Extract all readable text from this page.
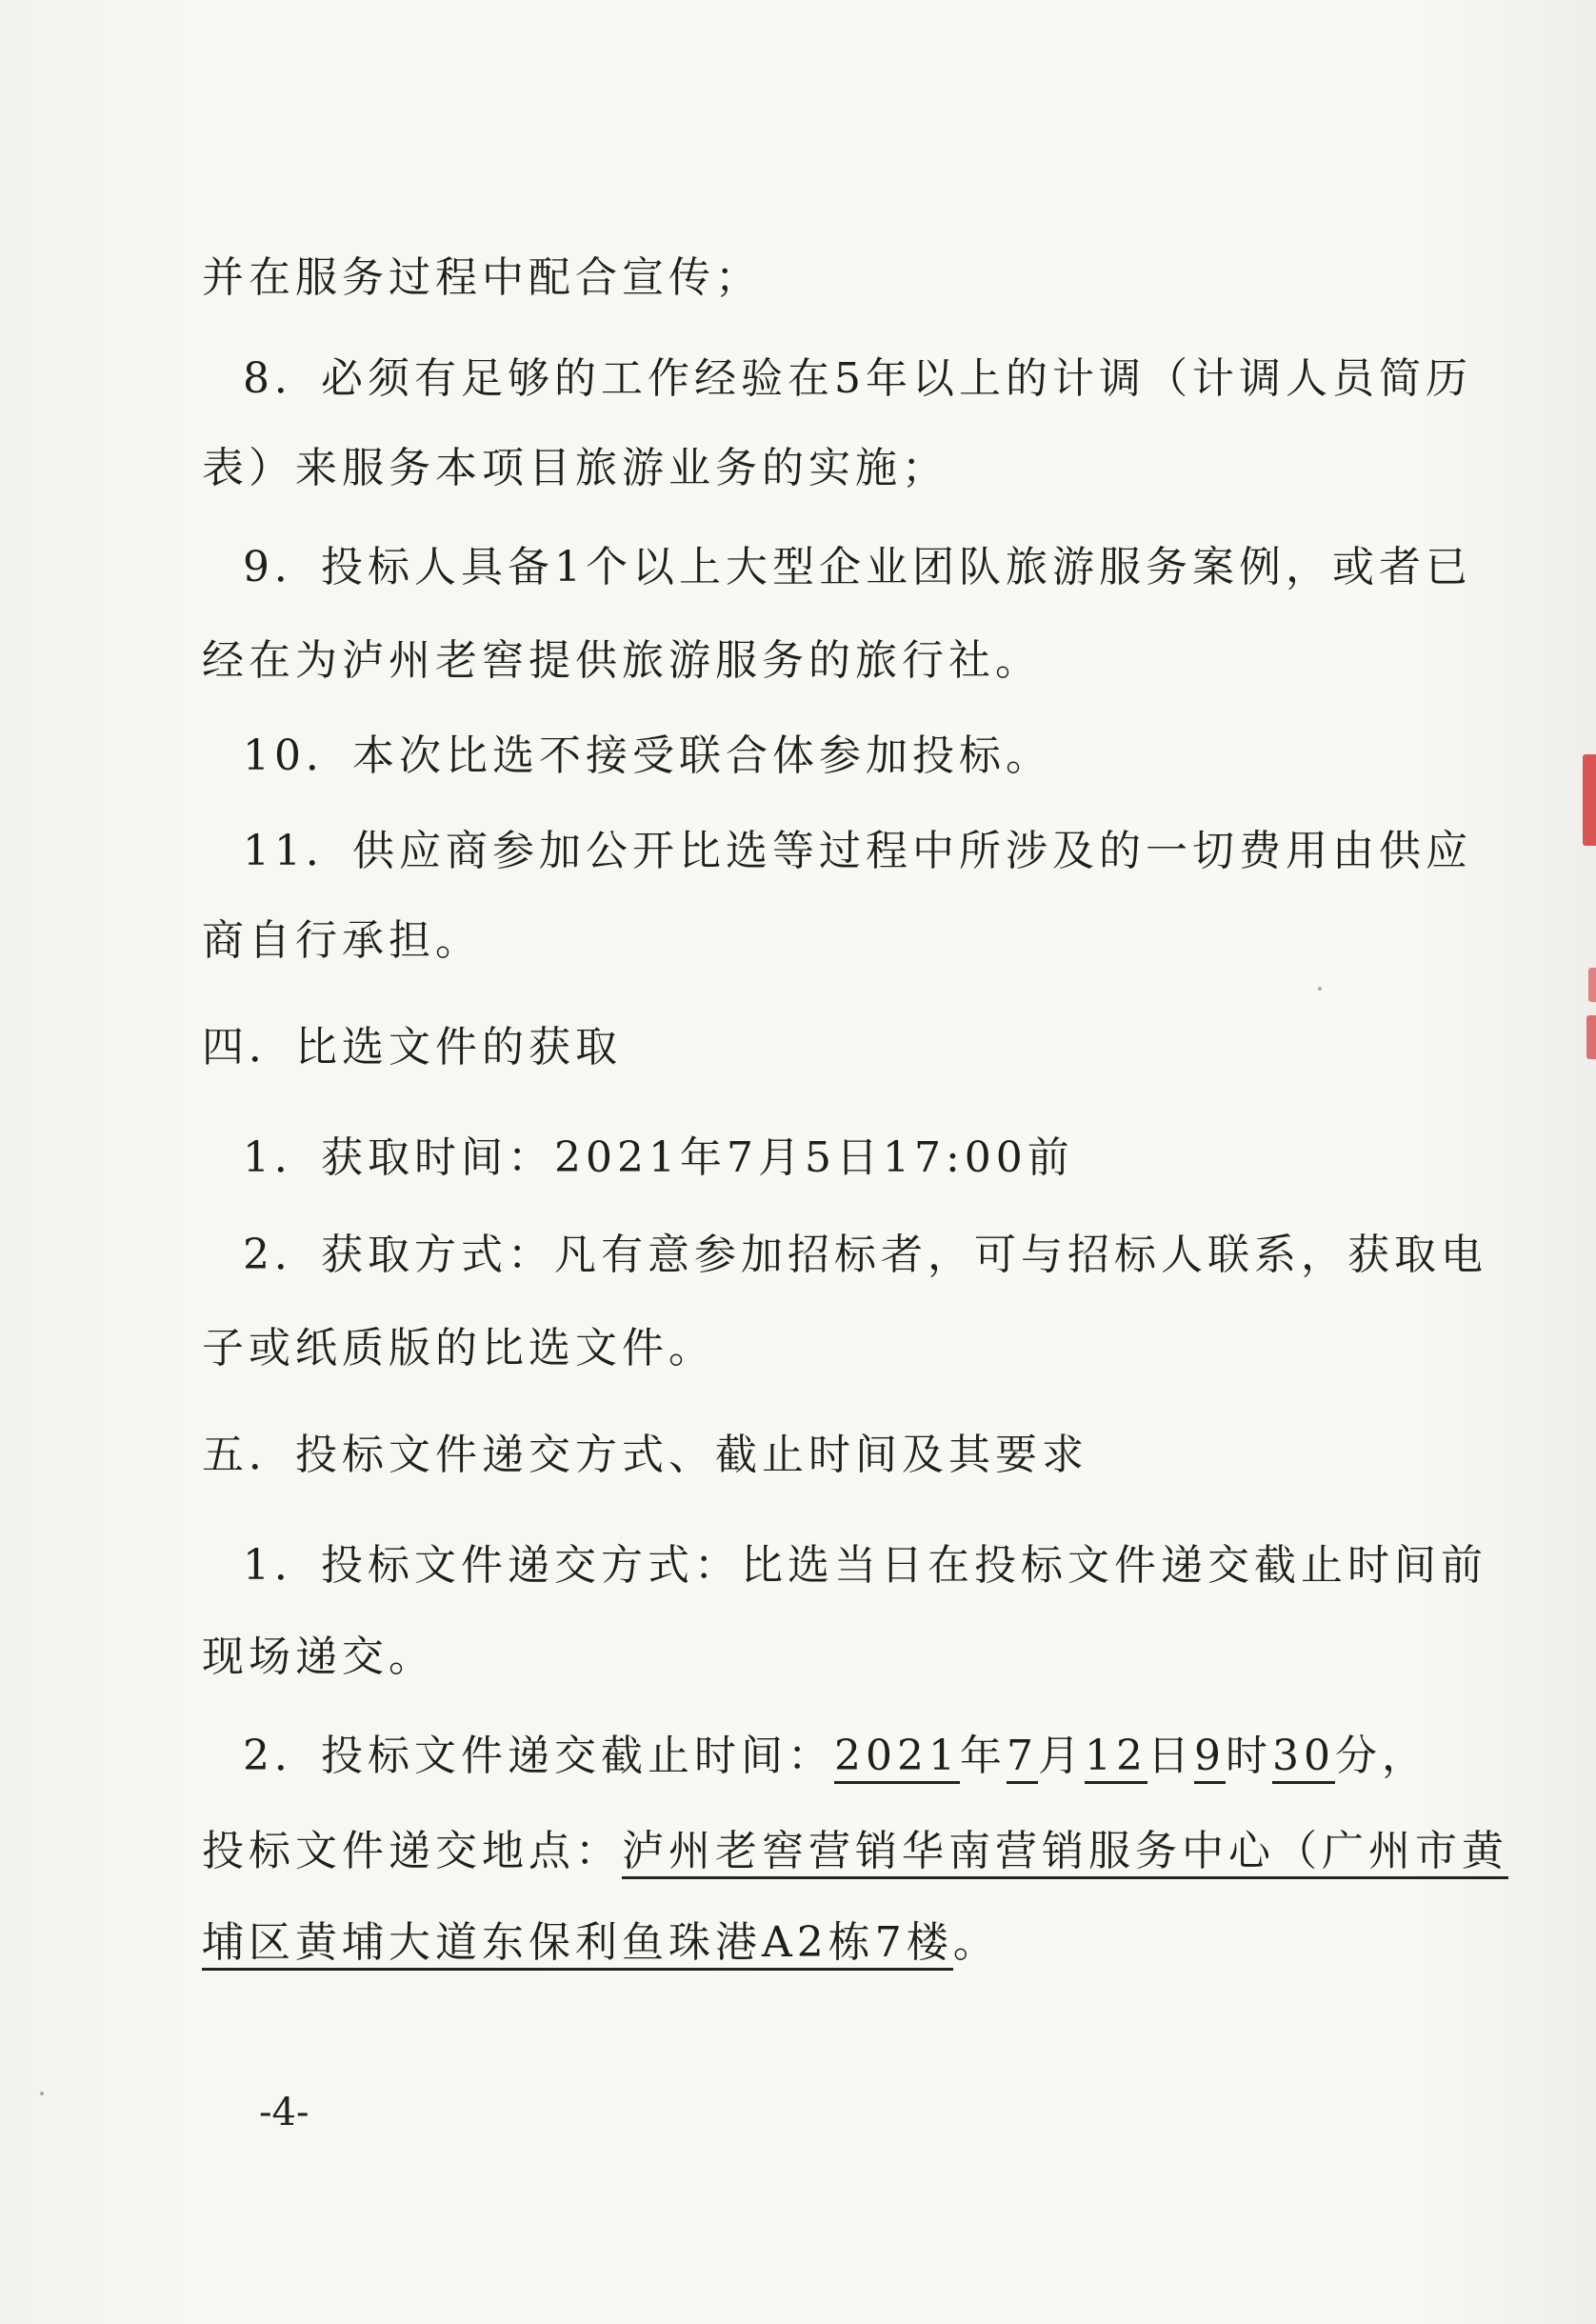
并在服务过程中配合宣传；
8．必须有足够的工作经验在5年以上的计调（计调人员简历
表）来服务本项目旅游业务的实施；
9．投标人具备1个以上大型企业团队旅游服务案例，或者已
经在为泸州老窖提供旅游服务的旅行社。
10．本次比选不接受联合体参加投标。
11．供应商参加公开比选等过程中所涉及的一切费用由供应
商自行承担。
四．比选文件的获取
1．获取时间：2021年7月5日17:00前
2．获取方式：凡有意参加招标者，可与招标人联系，获取电
子或纸质版的比选文件。
五．投标文件递交方式、截止时间及其要求
1．投标文件递交方式：比选当日在投标文件递交截止时间前
现场递交。
2．投标文件递交截止时间：2021年7月12日9时30分，
投标文件递交地点：泸州老窖营销华南营销服务中心（广州市黄
埔区黄埔大道东保利鱼珠港A2栋7楼。
-4-
